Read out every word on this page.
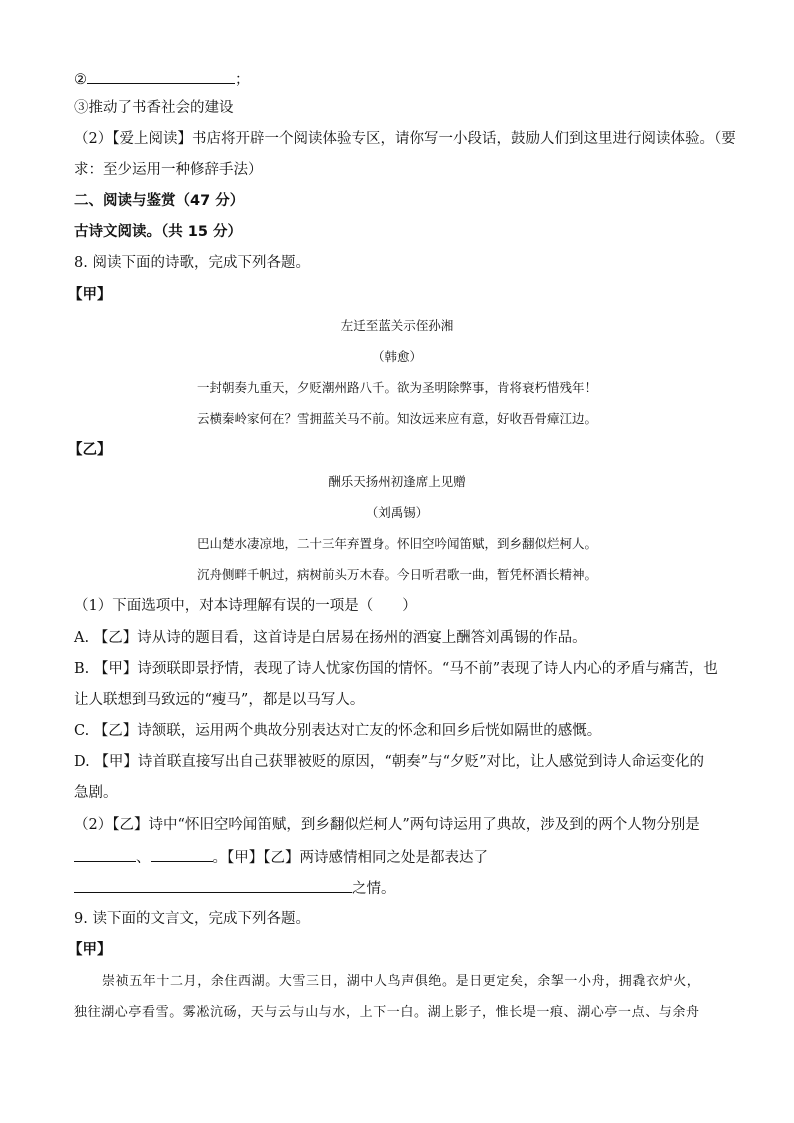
②	；
③推动了书香社会的建设
（2）【爱上阅读】书店将开辟一个阅读体验专区，请你写一小段话，鼓励人们到这里进行阅读体验。（要
求：至少运用一种修辞手法）
二、阅读与鉴赏（47 分）
古诗文阅读。（共 15 分）
8. 阅读下面的诗歌，完成下列各题。
【甲】
左迁至蓝关示侄孙湘
（韩愈）
一封朝奏九重天，夕贬潮州路八千。欲为圣明除弊事，肯将衰朽惜残年！
云横秦岭家何在？雪拥蓝关马不前。知汝远来应有意，好收吾骨瘴江边。
【乙】
酬乐天扬州初逢席上见赠
（刘禹锡）
巴山楚水凄凉地，二十三年弃置身。怀旧空吟闻笛赋，到乡翻似烂柯人。
沉舟侧畔千帆过，病树前头万木春。今日听君歌一曲，暂凭杯酒长精神。
（1）下面选项中，对本诗理解有误的一项是（　　）
A. 【乙】诗从诗的题目看，这首诗是白居易在扬州的酒宴上酬答刘禹锡的作品。
B. 【甲】诗颈联即景抒情，表现了诗人忧家伤国的情怀。“马不前”表现了诗人内心的矛盾与痛苦，也
让人联想到马致远的“瘦马”，都是以马写人。
C. 【乙】诗颔联，运用两个典故分别表达对亡友的怀念和回乡后恍如隔世的感慨。
D. 【甲】诗首联直接写出自己获罪被贬的原因，“朝奏”与“夕贬”对比，让人感觉到诗人命运变化的
急剧。
（2）【乙】诗中“怀旧空吟闻笛赋，到乡翻似烂柯人”两句诗运用了典故，涉及到的两个人物分别是
、	。【甲】【乙】两诗感情相同之处是都表达了
之情。
9. 读下面的文言文，完成下列各题。
【甲】
崇祯五年十二月，余住西湖。大雪三日，湖中人鸟声俱绝。是日更定矣，余挐一小舟，拥毳衣炉火，
独往湖心亭看雪。雾凇沆砀，天与云与山与水，上下一白。湖上影子，惟长堤一痕、湖心亭一点、与余舟
